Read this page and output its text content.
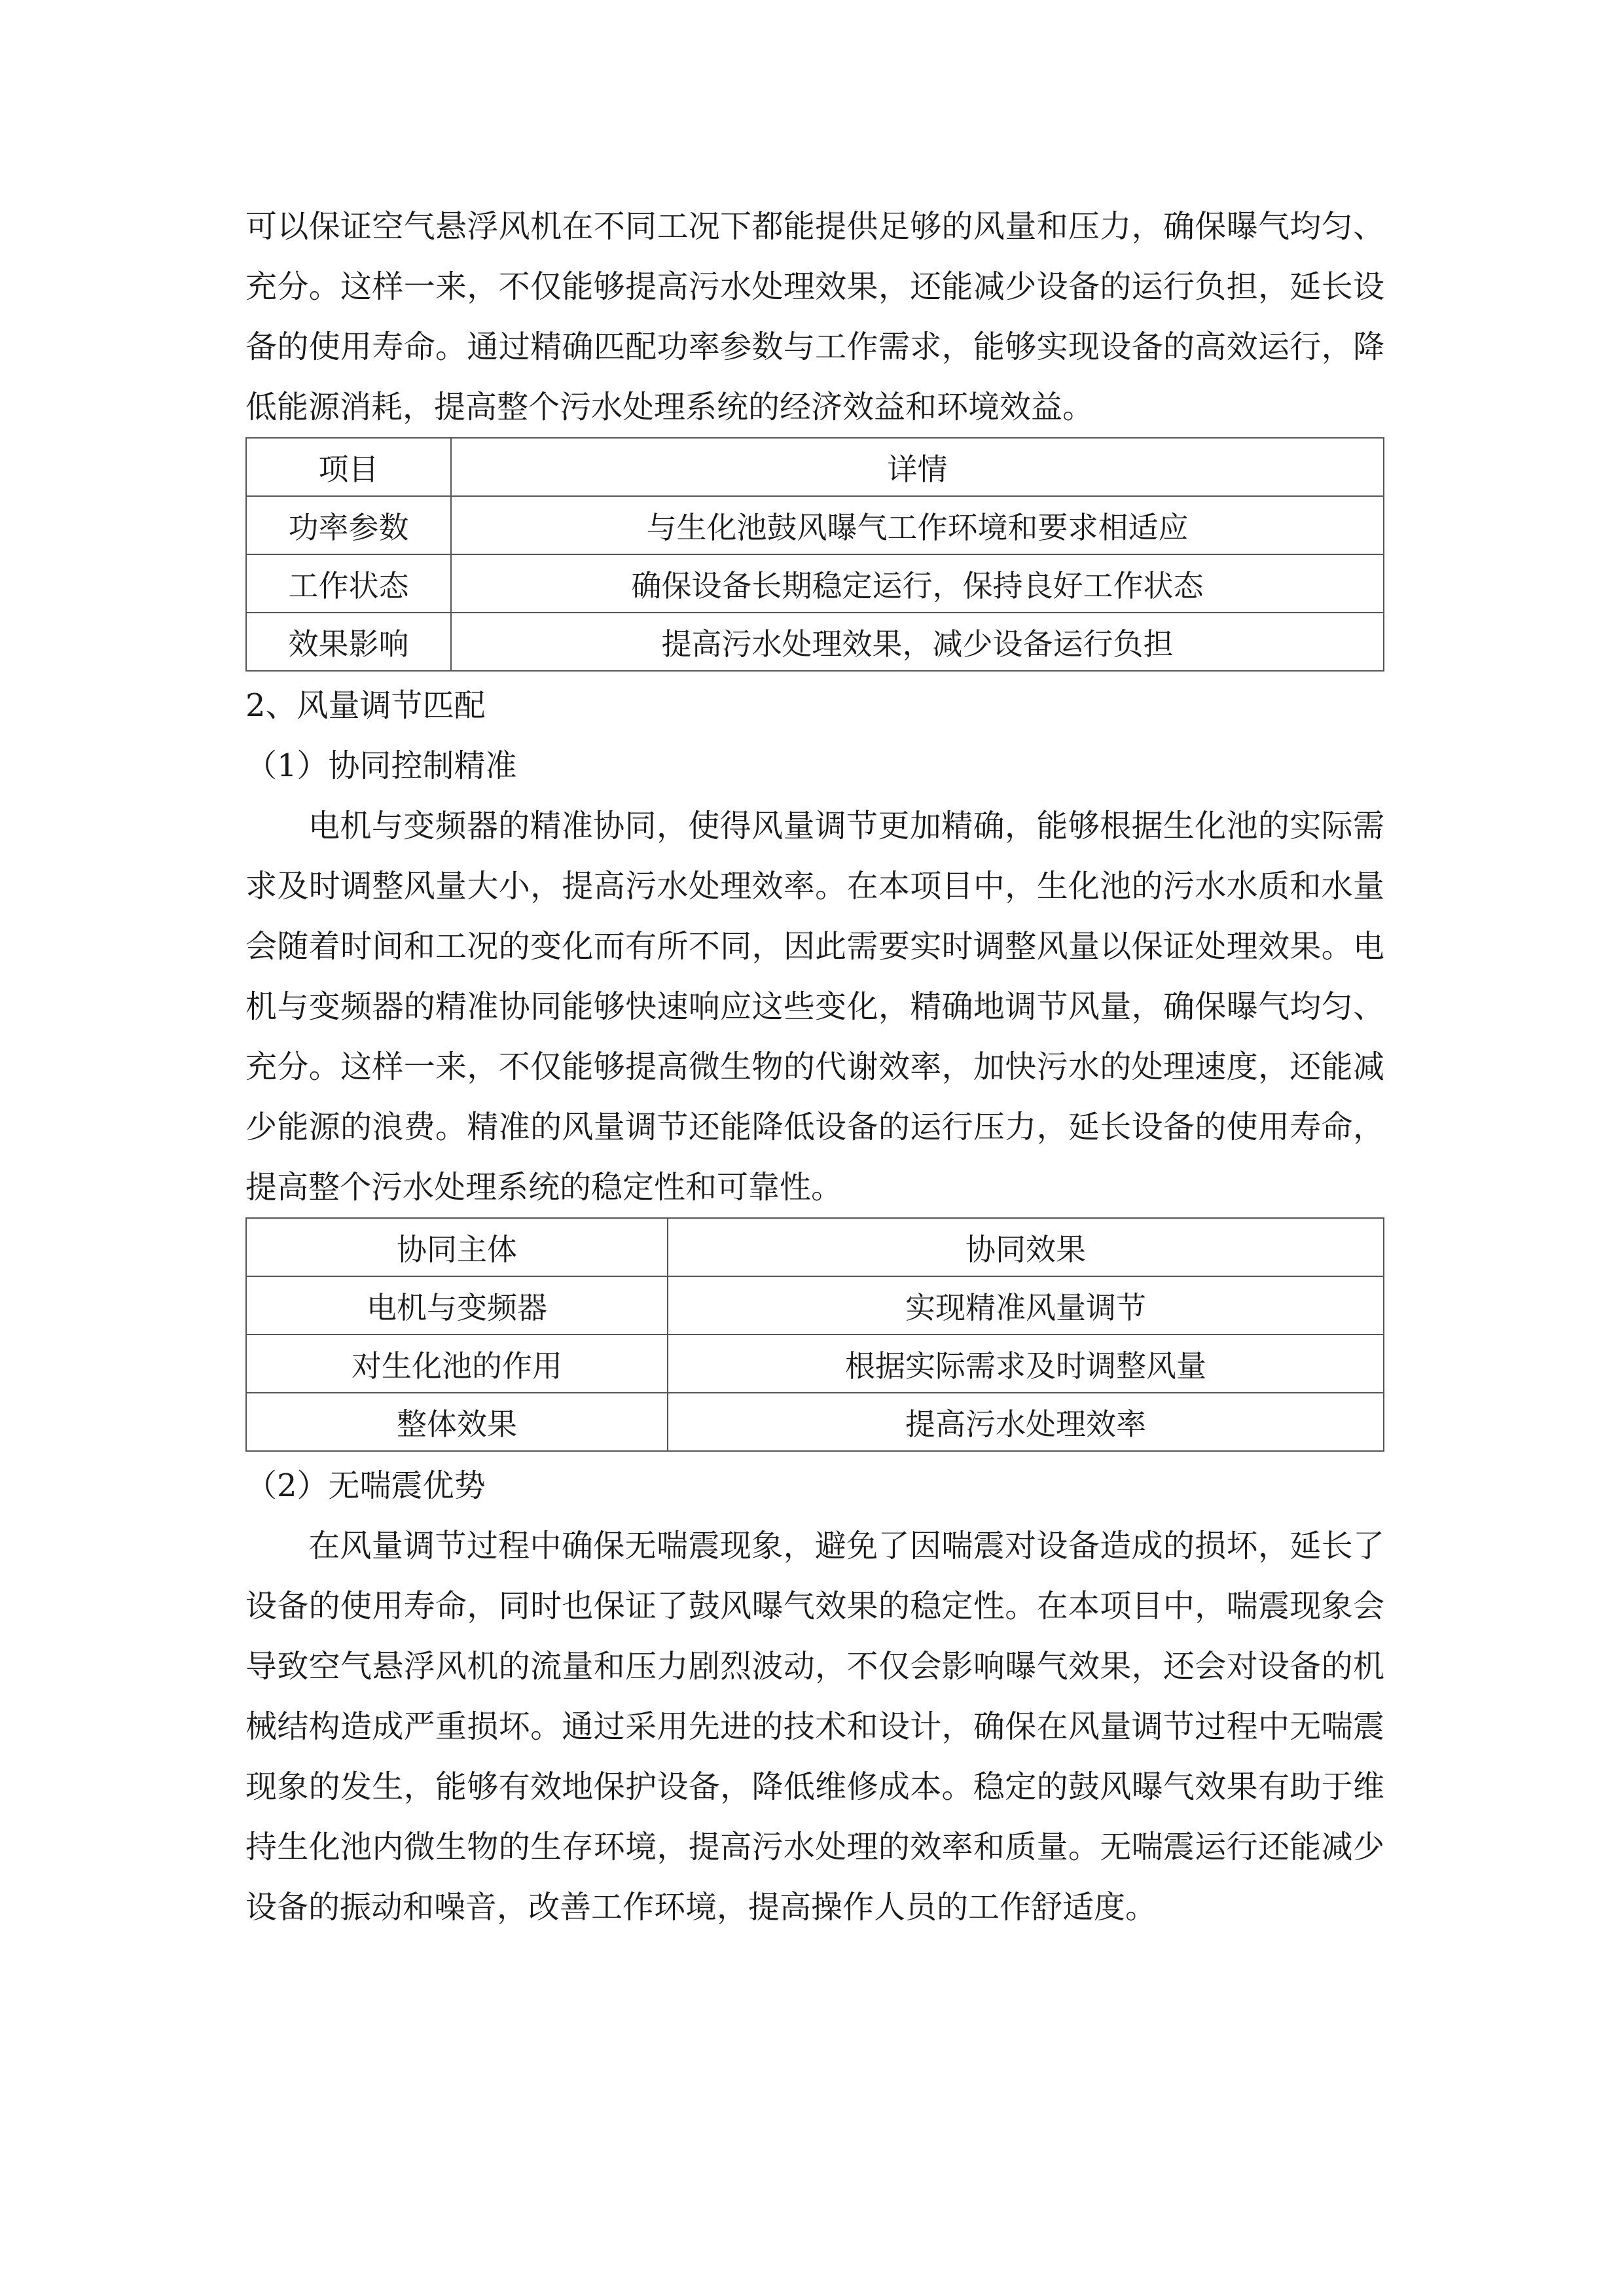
可以保证空气悬浮风机在不同工况下都能提供足够的风量和压力，确保曝气均匀、充分。这样一来，不仅能够提高污水处理效果，还能减少设备的运行负担，延长设备的使用寿命。通过精确匹配功率参数与工作需求，能够实现设备的高效运行，降低能源消耗，提高整个污水处理系统的经济效益和环境效益。

项目	详情
功率参数	与生化池鼓风曝气工作环境和要求相适应
工作状态	确保设备长期稳定运行，保持良好工作状态
效果影响	提高污水处理效果，减少设备运行负担

2、风量调节匹配

（1）协同控制精准

电机与变频器的精准协同，使得风量调节更加精确，能够根据生化池的实际需求及时调整风量大小，提高污水处理效率。在本项目中，生化池的污水水质和水量会随着时间和工况的变化而有所不同，因此需要实时调整风量以保证处理效果。电机与变频器的精准协同能够快速响应这些变化，精确地调节风量，确保曝气均匀、充分。这样一来，不仅能够提高微生物的代谢效率，加快污水的处理速度，还能减少能源的浪费。精准的风量调节还能降低设备的运行压力，延长设备的使用寿命，提高整个污水处理系统的稳定性和可靠性。

协同主体	协同效果
电机与变频器	实现精准风量调节
对生化池的作用	根据实际需求及时调整风量
整体效果	提高污水处理效率

（2）无喘震优势

在风量调节过程中确保无喘震现象，避免了因喘震对设备造成的损坏，延长了设备的使用寿命，同时也保证了鼓风曝气效果的稳定性。在本项目中，喘震现象会导致空气悬浮风机的流量和压力剧烈波动，不仅会影响曝气效果，还会对设备的机械结构造成严重损坏。通过采用先进的技术和设计，确保在风量调节过程中无喘震现象的发生，能够有效地保护设备，降低维修成本。稳定的鼓风曝气效果有助于维持生化池内微生物的生存环境，提高污水处理的效率和质量。无喘震运行还能减少设备的振动和噪音，改善工作环境，提高操作人员的工作舒适度。
